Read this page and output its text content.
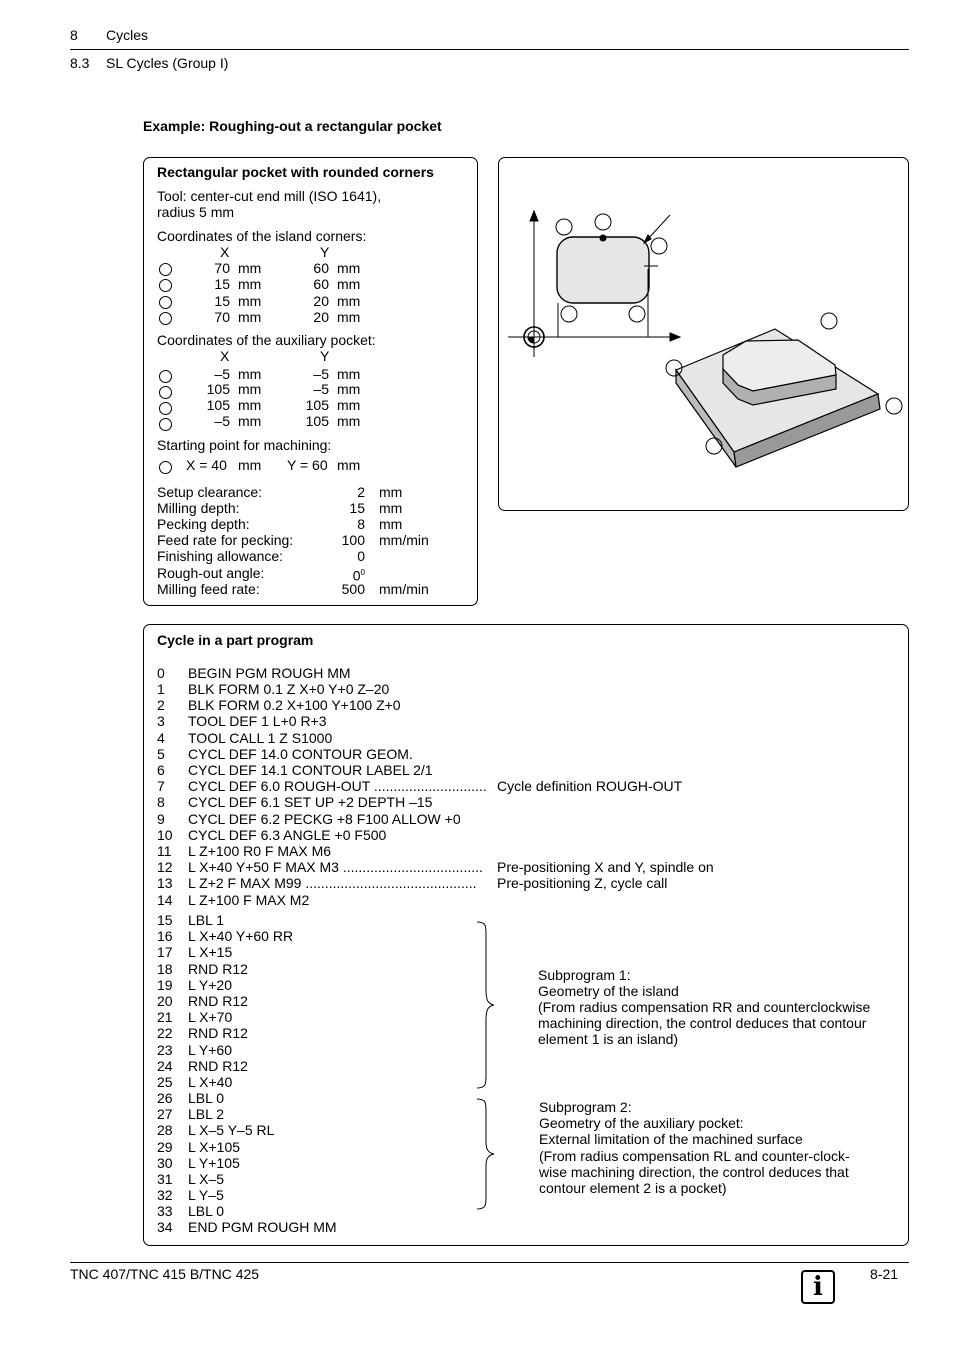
8 Cycles
8.3 SL Cycles (Group I)
Example: Roughing-out a rectangular pocket
Rectangular pocket with rounded corners
Tool: center-cut end mill (ISO 1641),
radius 5 mm
Coordinates of the island corners:
X	Y
70 mm	60 mm
15 mm	60 mm
15 mm	20 mm
70 mm	20 mm
Coordinates of the auxiliary pocket:
X	Y
–5 mm	–5 mm
105 mm	–5 mm
105 mm	105 mm
–5 mm	105 mm
Starting point for machining:
X = 40 mm Y = 60 mm
Setup clearance:	2 mm
Milling depth:	15 mm
Pecking depth:	8 mm
Feed rate for pecking:	100 mm/min
Finishing allowance:	0
Rough-out angle:	$0^0$
Milling feed rate:	500 mm/min
Cycle in a part program
0 BEGIN PGM ROUGH MM
1 BLK FORM 0.1 Z X+0 Y+0 Z–20
2 BLK FORM 0.2 X+100 Y+100 Z+0
3 TOOL DEF 1 L+0 R+3
4 TOOL CALL 1 Z S1000
5 CYCL DEF 14.0 CONTOUR GEOM.
6 CYCL DEF 14.1 CONTOUR LABEL 2/1
7 CYCL DEF 6.0 ROUGH-OUT ............................. Cycle definition ROUGH-OUT
8 CYCL DEF 6.1 SET UP +2 DEPTH –15
9 CYCL DEF 6.2 PECKG +8 F100 ALLOW +0
10 CYCL DEF 6.3 ANGLE +0 F500
11 L Z+100 R0 F MAX M6
12 L X+40 Y+50 F MAX M3 .................................... Pre-positioning X and Y, spindle on
13 L Z+2 F MAX M99 ............................................ Pre-positioning Z, cycle call
14 L Z+100 F MAX M2
15 LBL 1
16 L X+40 Y+60 RR
17 L X+15
18 RND R12
19 L Y+20
20 RND R12
21 L X+70
22 RND R12
23 L Y+60
24 RND R12
25 L X+40
26 LBL 0
27 LBL 2
28 L X–5 Y–5 RL
29 L X+105
30 L Y+105
31 L X–5
32 L Y–5
33 LBL 0
34 END PGM ROUGH MM
Subprogram 1:
Geometry of the island
(From radius compensation RR and counterclockwise
machining direction, the control deduces that contour
element 1 is an island)
Subprogram 2:
Geometry of the auxiliary pocket:
External limitation of the machined surface
(From radius compensation RL and counter-clock-
wise machining direction, the control deduces that
contour element 2 is a pocket)
TNC 407/TNC 415 B/TNC 425	8-21
i
